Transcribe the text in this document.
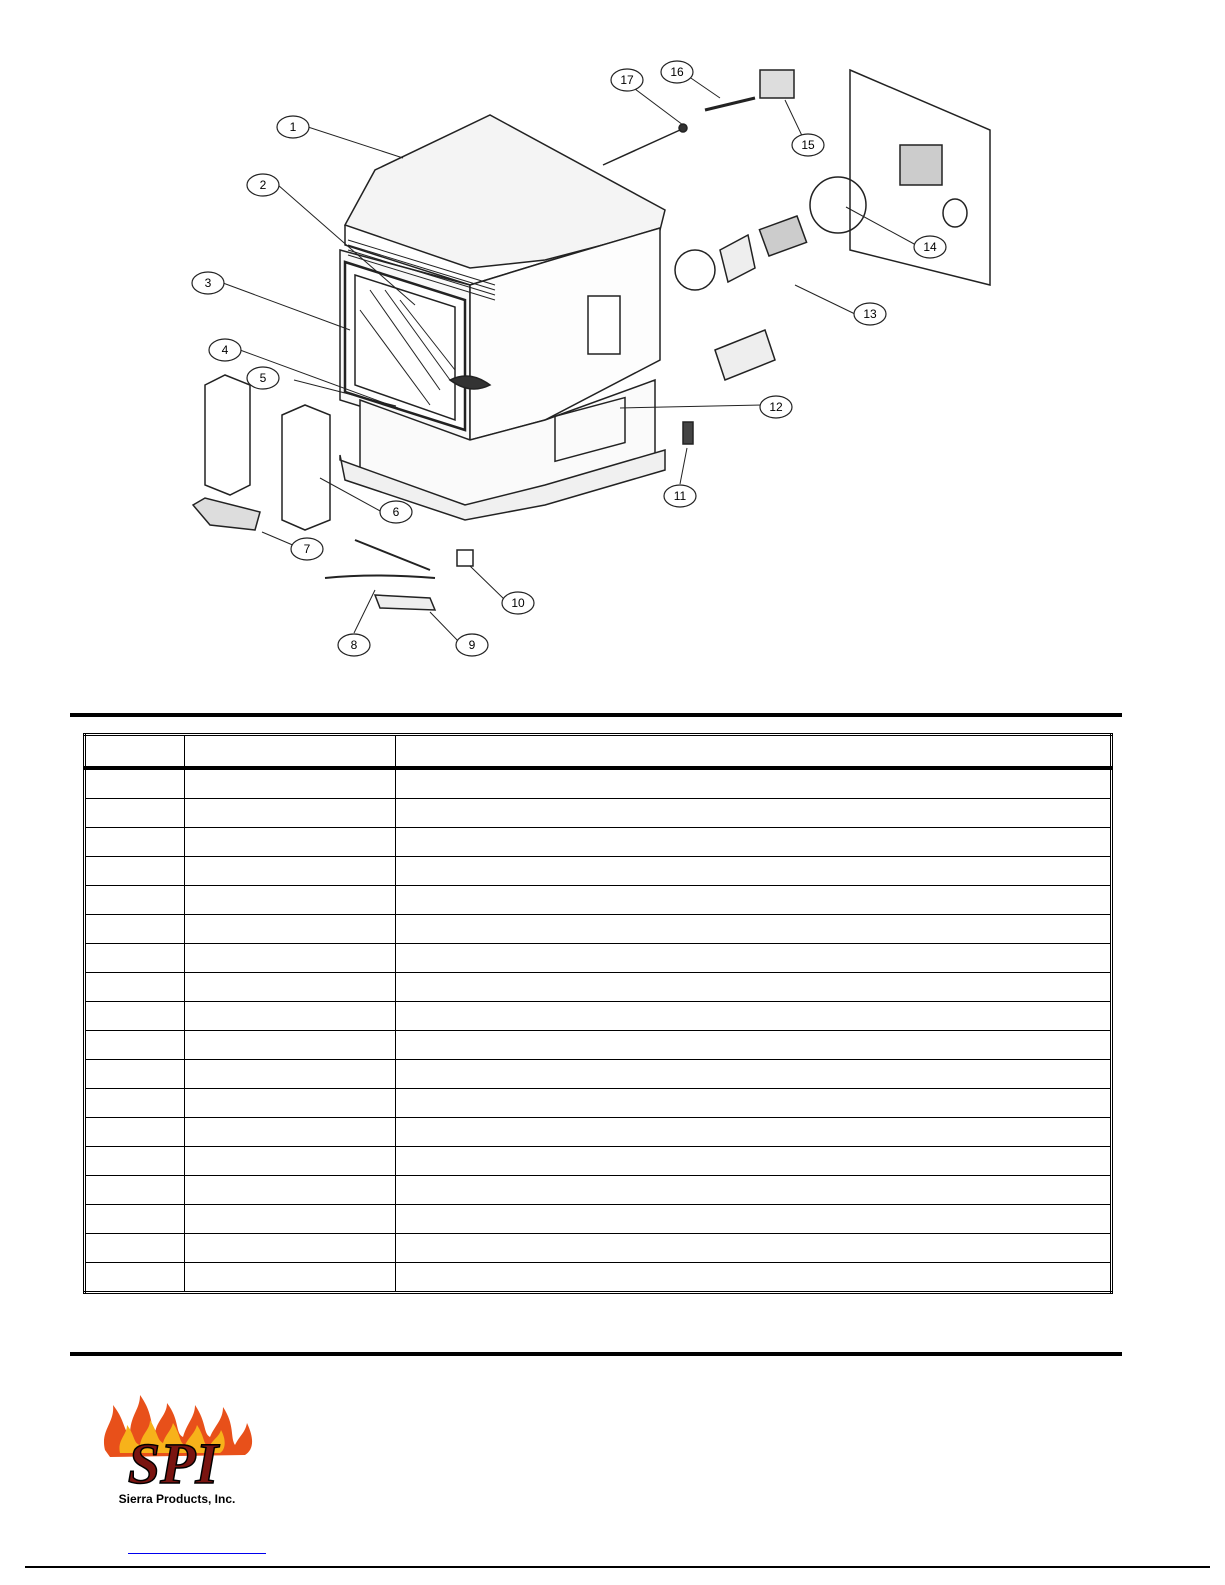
1
2
3
4
5
6
7
8	9
10
11
12
13
14
15
16
17

SPI
Sierra Products, Inc.
